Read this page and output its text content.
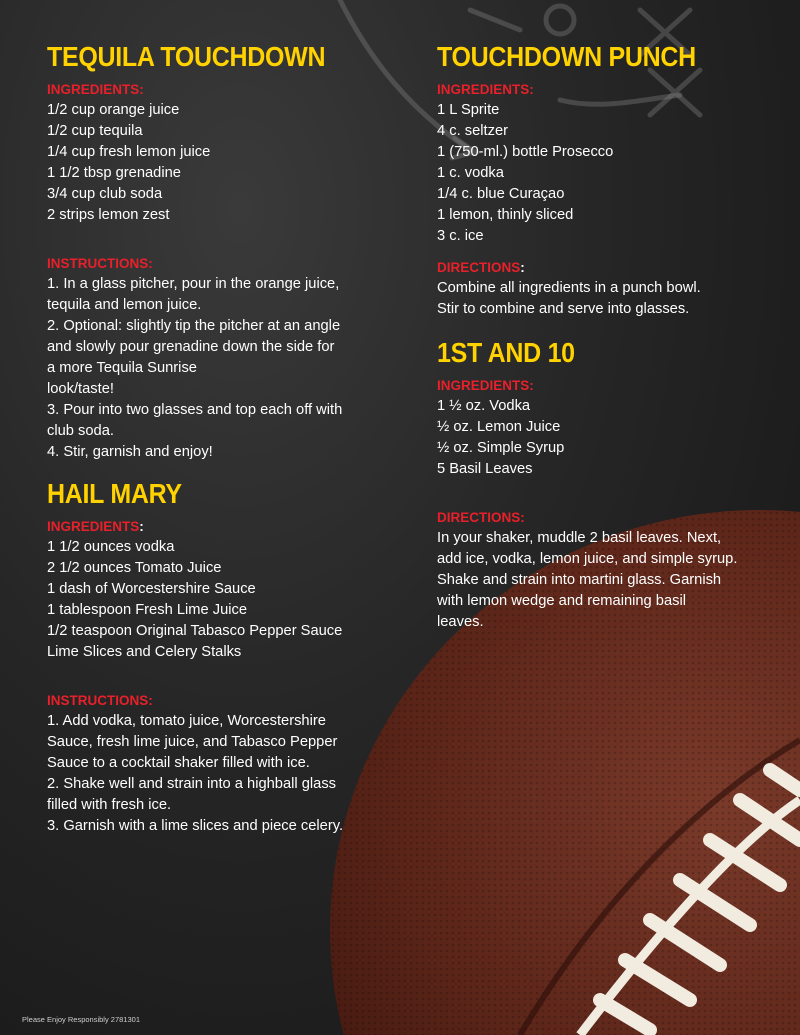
TEQUILA TOUCHDOWN
INGREDIENTS:
1/2 cup orange juice
1/2 cup tequila
1/4 cup fresh lemon juice
1 1/2 tbsp grenadine
3/4 cup club soda
2 strips lemon zest
INSTRUCTIONS:
1. In a glass pitcher, pour in the orange juice,
tequila and lemon juice.
2. Optional: slightly tip the pitcher at an angle
and slowly pour grenadine down the side for
a more Tequila Sunrise
look/taste!
3. Pour into two glasses and top each off with
club soda.
4. Stir, garnish and enjoy!
HAIL MARY
INGREDIENTS:
1 1/2 ounces vodka
2 1/2 ounces Tomato Juice
1 dash of Worcestershire Sauce
1 tablespoon Fresh Lime Juice
1/2 teaspoon Original Tabasco Pepper Sauce
Lime Slices and Celery Stalks
INSTRUCTIONS:
1. Add vodka, tomato juice, Worcestershire
Sauce, fresh lime juice, and Tabasco Pepper
Sauce to a cocktail shaker filled with ice.
2. Shake well and strain into a highball glass
filled with fresh ice.
3. Garnish with a lime slices and piece celery.
TOUCHDOWN PUNCH
INGREDIENTS:
1 L Sprite
4 c. seltzer
1 (750-ml.) bottle Prosecco
1 c. vodka
1/4 c. blue Curaçao
1 lemon, thinly sliced
3 c. ice
DIRECTIONS:
Combine all ingredients in a punch bowl.
Stir to combine and serve into glasses.
1ST AND 10
INGREDIENTS:
1 ½ oz. Vodka
½ oz. Lemon Juice
½ oz. Simple Syrup
5 Basil Leaves
DIRECTIONS:
In your shaker, muddle 2 basil leaves. Next,
add ice, vodka, lemon juice, and simple syrup.
Shake and strain into martini glass. Garnish
with lemon wedge and remaining basil
leaves.
Please Enjoy Responsibly 2781301
